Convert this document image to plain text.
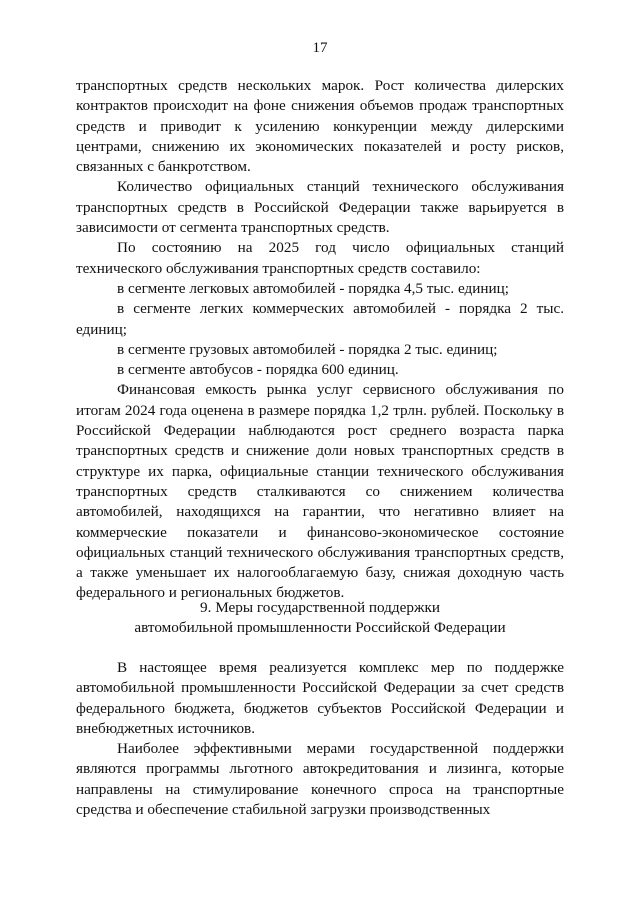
17

транспортных средств нескольких марок. Рост количества дилерских контрактов происходит на фоне снижения объемов продаж транспортных средств и приводит к усилению конкуренции между дилерскими центрами, снижению их экономических показателей и росту рисков, связанных с банкротством.

Количество официальных станций технического обслуживания транспортных средств в Российской Федерации также варьируется в зависимости от сегмента транспортных средств.

По состоянию на 2025 год число официальных станций технического обслуживания транспортных средств составило:

в сегменте легковых автомобилей - порядка 4,5 тыс. единиц;

в сегменте легких коммерческих автомобилей - порядка 2 тыс. единиц;

в сегменте грузовых автомобилей - порядка 2 тыс. единиц;

в сегменте автобусов - порядка 600 единиц.

Финансовая емкость рынка услуг сервисного обслуживания по итогам 2024 года оценена в размере порядка 1,2 трлн. рублей. Поскольку в Российской Федерации наблюдаются рост среднего возраста парка транспортных средств и снижение доли новых транспортных средств в структуре их парка, официальные станции технического обслуживания транспортных средств сталкиваются со снижением количества автомобилей, находящихся на гарантии, что негативно влияет на коммерческие показатели и финансово-экономическое состояние официальных станций технического обслуживания транспортных средств, а также уменьшает их налогооблагаемую базу, снижая доходную часть федерального и региональных бюджетов.

9. Меры государственной поддержки
автомобильной промышленности Российской Федерации

В настоящее время реализуется комплекс мер по поддержке автомобильной промышленности Российской Федерации за счет средств федерального бюджета, бюджетов субъектов Российской Федерации и внебюджетных источников.

Наиболее эффективными мерами государственной поддержки являются программы льготного автокредитования и лизинга, которые направлены на стимулирование конечного спроса на транспортные средства и обеспечение стабильной загрузки производственных
